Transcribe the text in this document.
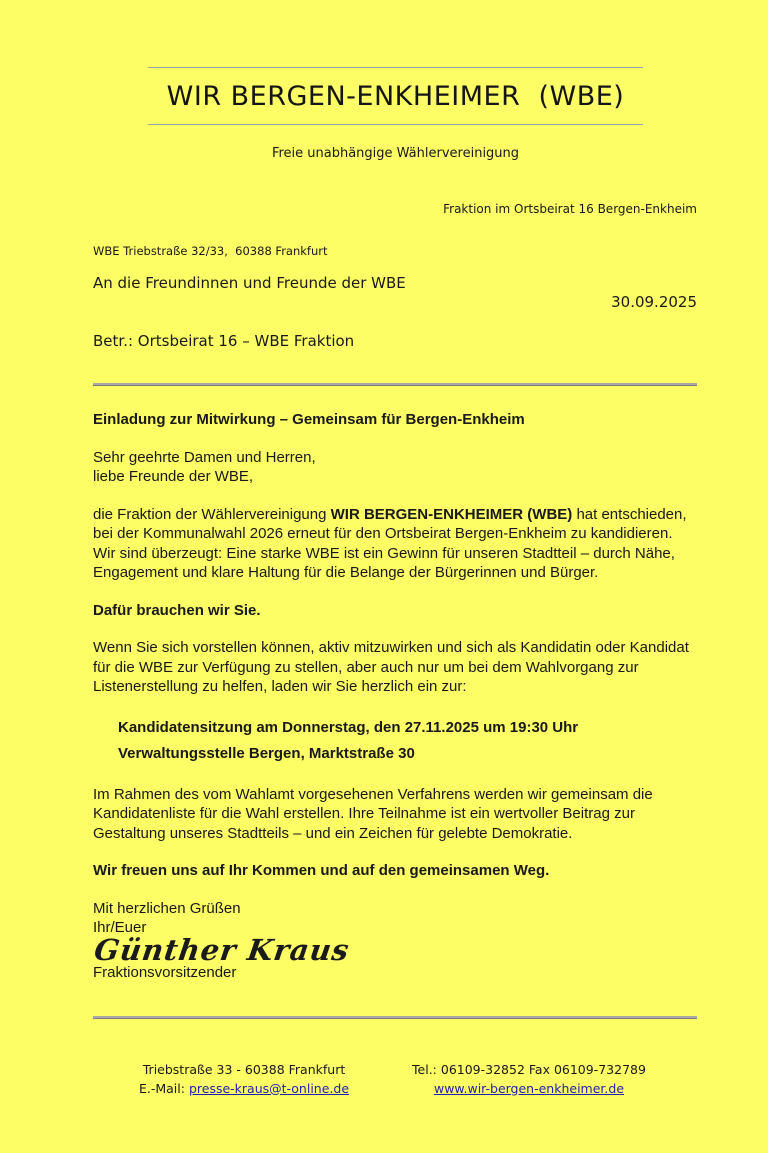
WIR BERGEN-ENKHEIMER  (WBE)
Freie unabhängige Wählervereinigung
Fraktion im Ortsbeirat 16 Bergen-Enkheim
WBE Triebstraße 32/33,  60388 Frankfurt
An die Freundinnen und Freunde der WBE
30.09.2025
Betr.: Ortsbeirat 16 – WBE Fraktion
Einladung zur Mitwirkung – Gemeinsam für Bergen-Enkheim

Sehr geehrte Damen und Herren,
liebe Freunde der WBE,

die Fraktion der Wählervereinigung WIR BERGEN-ENKHEIMER (WBE) hat entschieden, bei der Kommunalwahl 2026 erneut für den Ortsbeirat Bergen-Enkheim zu kandidieren. Wir sind überzeugt: Eine starke WBE ist ein Gewinn für unseren Stadtteil – durch Nähe, Engagement und klare Haltung für die Belange der Bürgerinnen und Bürger.

Dafür brauchen wir Sie.

Wenn Sie sich vorstellen können, aktiv mitzuwirken und sich als Kandidatin oder Kandidat für die WBE zur Verfügung zu stellen, aber auch nur um bei dem Wahlvorgang zur Listenerstellung zu helfen, laden wir Sie herzlich ein zur:

Kandidatensitzung am Donnerstag, den 27.11.2025 um 19:30 Uhr
Verwaltungsstelle Bergen, Marktstraße 30

Im Rahmen des vom Wahlamt vorgesehenen Verfahrens werden wir gemeinsam die Kandidatenliste für die Wahl erstellen. Ihre Teilnahme ist ein wertvoller Beitrag zur Gestaltung unseres Stadtteils – und ein Zeichen für gelebte Demokratie.

Wir freuen uns auf Ihr Kommen und auf den gemeinsamen Weg.

Mit herzlichen Grüßen
Ihr/Euer

Günther Kraus
Fraktionsvorsitzender
Triebstraße 33 - 60388 Frankfurt
E.-Mail: presse-kraus@t-online.de
Tel.: 06109-32852 Fax 06109-732789
www.wir-bergen-enkheimer.de
